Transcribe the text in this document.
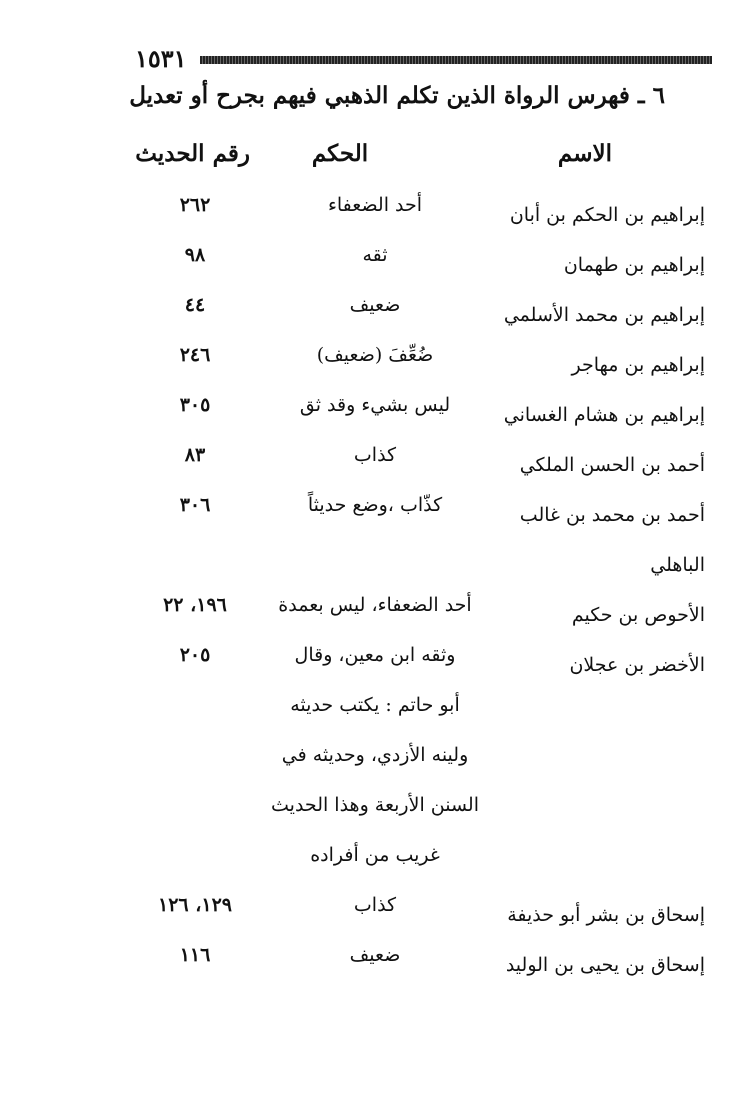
١٥٣١
٦ ـ فهرس الرواة الذين تكلم الذهبي فيهم بجرح أو تعديل
الاسم
الحكم
رقم الحديث
إبراهيم بن الحكم بن أبان
أحد الضعفاء
٢٦٢
إبراهيم بن طهمان
ثقه
٩٨
إبراهيم بن محمد الأسلمي
ضعيف
٤٤
إبراهيم بن مهاجر
ضُعِّفَ (ضعيف)
٢٤٦
إبراهيم بن هشام الغساني
ليس بشيء وقد ثق
٣٠٥
أحمد بن الحسن الملكي
كذاب
٨٣
أحمد بن محمد بن غالب
كذّاب ،وضع حديثاً
٣٠٦
الباهلي
الأحوص بن حكيم
أحد الضعفاء، ليس بعمدة
١٩٦، ٢٢
الأخضر بن عجلان
وثقه ابن معين، وقال
٢٠٥
أبو حاتم : يكتب حديثه
ولينه الأزدي، وحديثه في
السنن الأربعة وهذا الحديث
غريب من أفراده
إسحاق بن بشر أبو حذيفة
كذاب
١٢٩، ١٢٦
إسحاق بن يحيى بن الوليد
ضعيف
١١٦
